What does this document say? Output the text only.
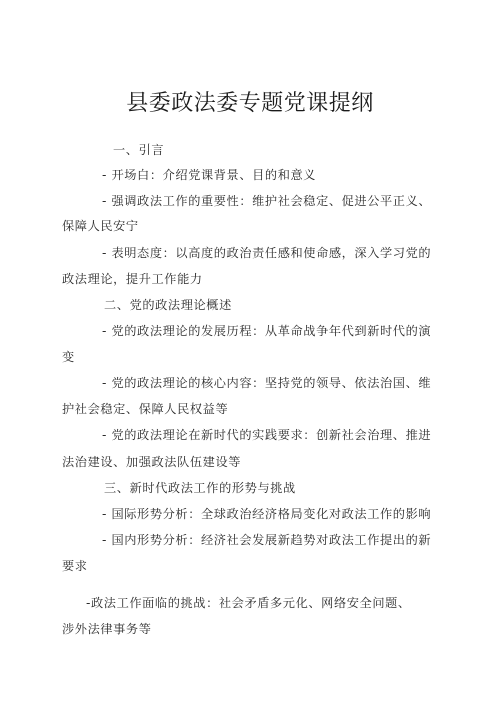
县委政法委专题党课提纲
一、引言
- 开场白：介绍党课背景、目的和意义
- 强调政法工作的重要性：维护社会稳定、促进公平正义、
保障人民安宁
- 表明态度：以高度的政治责任感和使命感，深入学习党的
政法理论，提升工作能力
二、党的政法理论概述
- 党的政法理论的发展历程：从革命战争年代到新时代的演
变
- 党的政法理论的核心内容：坚持党的领导、依法治国、维
护社会稳定、保障人民权益等
- 党的政法理论在新时代的实践要求：创新社会治理、推进
法治建设、加强政法队伍建设等
三、新时代政法工作的形势与挑战
- 国际形势分析：全球政治经济格局变化对政法工作的影响
- 国内形势分析：经济社会发展新趋势对政法工作提出的新
要求
-政法工作面临的挑战：社会矛盾多元化、网络安全问题、
涉外法律事务等
